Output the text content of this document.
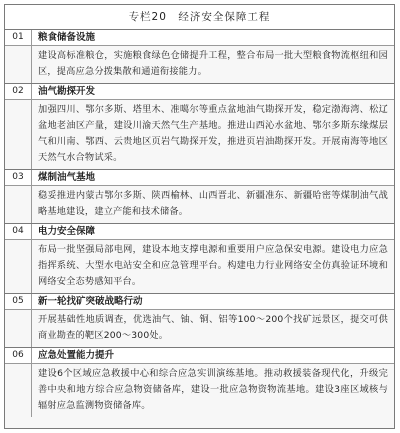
专栏20　经济安全保障工程
01	粮食储备设施
建设高标准粮仓，实施粮食绿色仓储提升工程，整合布局一批大型粮食物流枢纽和园区，提高应急分拨集散和通道衔接能力。
02	油气勘探开发
加强四川、鄂尔多斯、塔里木、准噶尔等重点盆地油气勘探开发，稳定渤海湾、松辽盆地老油区产量，建设川渝天然气生产基地。推进山西沁水盆地、鄂尔多斯东缘煤层气和川南、鄂西、云贵地区页岩气勘探开发，推进页岩油勘探开发。开展南海等地区天然气水合物试采。
03	煤制油气基地
稳妥推进内蒙古鄂尔多斯、陕西榆林、山西晋北、新疆准东、新疆哈密等煤制油气战略基地建设，建立产能和技术储备。
04	电力安全保障
布局一批坚强局部电网，建设本地支撑电源和重要用户应急保安电源。建设电力应急指挥系统、大型水电站安全和应急管理平台。构建电力行业网络安全仿真验证环境和网络安全态势感知平台。
05	新一轮找矿突破战略行动
开展基础性地质调查，优选油气、铀、铜、铝等100～200个找矿远景区，提交可供商业勘查的靶区200～300处。
06	应急处置能力提升
建设6个区域应急救援中心和综合应急实训演练基地。推动救援装备现代化，升级完善中央和地方综合应急物资储备库，建设一批应急物资物流基地。建设3座区域核与辐射应急监测物资储备库。
